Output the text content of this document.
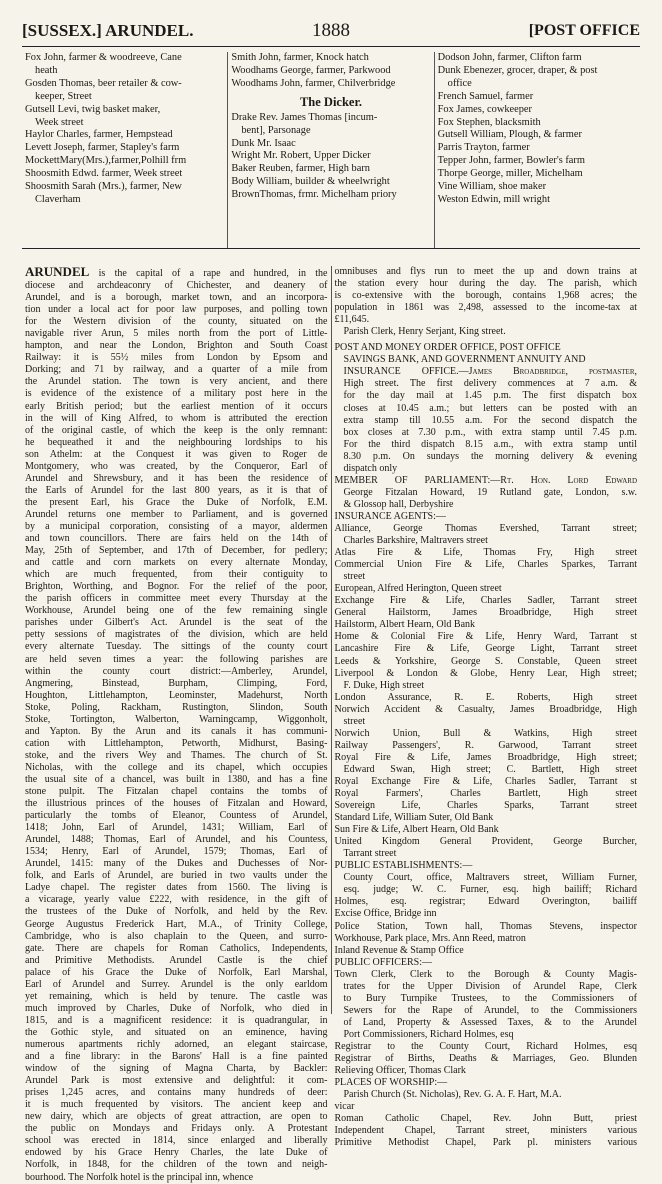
[SUSSEX.] ARUNDEL.	1888	[POST OFFICE
Fox John, farmer & woodreeve, Cane
heath
Gosden Thomas, beer retailer & cow-
keeper, Street
Gutsell Levi, twig basket maker,
Week street
Haylor Charles, farmer, Hempstead
Levett Joseph, farmer, Stapley's farm
MockettMary(Mrs.),farmer,Polhill frm
Shoosmith Edwd. farmer, Week street
Shoosmith Sarah (Mrs.), farmer, New
Claverham
Smith John, farmer, Knock hatch
Woodhams George, farmer, Parkwood
Woodhams John, farmer, Chilverbridge
The Dicker.
Drake Rev. James Thomas [incum-
bent], Parsonage
Dunk Mr. Isaac
Wright Mr. Robert, Upper Dicker
Baker Reuben, farmer, High barn
Body William, builder & wheelwright
BrownThomas, frmr. Michelham priory
Dodson John, farmer, Clifton farm
Dunk Ebenezer, grocer, draper, & post
office
French Samuel, farmer
Fox James, cowkeeper
Fox Stephen, blacksmith
Gutsell William, Plough, & farmer
Parris Trayton, farmer
Tepper John, farmer, Bowler's farm
Thorpe George, miller, Michelham
Vine William, shoe maker
Weston Edwin, mill wright
ARUNDEL is the capital of a rape and hundred, in the
diocese and archdeaconry of Chichester, and deanery of
Arundel, and is a borough, market town, and an incorpora-
tion under a local act for poor law purposes, and polling town
for the Western division of the county, situated on the
navigable river Arun, 5 miles north from the port of Little-
hampton, and near the London, Brighton and South Coast
Railway: it is 55½ miles from London by Epsom and
Dorking; and 71 by railway, and a quarter of a mile from
the Arundel station. The town is very ancient, and there
is evidence of the existence of a military post here in the
early British period; but the earliest mention of it occurs
in the will of King Alfred, to whom is attributed the erection
of the original castle, of which the keep is the only remnant:
he bequeathed it and the neighbouring lordships to his
son Athelm: at the Conquest it was given to Roger de
Montgomery, who was created, by the Conqueror, Earl of
Arundel and Shrewsbury, and it has been the residence of
the Earls of Arundel for the last 800 years, as it is that of
the present Earl, his Grace the Duke of Norfolk, E.M.
Arundel returns one member to Parliament, and is governed
by a municipal corporation, consisting of a mayor, aldermen
and town councillors. There are fairs held on the 14th of
May, 25th of September, and 17th of December, for pedlery;
and cattle and corn markets on every alternate Monday,
which are much frequented, from their contiguity to
Brighton, Worthing, and Bognor. For the relief of the poor,
the parish officers in committee meet every Thursday at the
Workhouse, Arundel being one of the few remaining single
parishes under Gilbert's Act. Arundel is the seat of the
petty sessions of magistrates of the division, which are held
every alternate Tuesday. The sittings of the county court
are held seven times a year: the following parishes are
within the county court district:—Amberley, Arundel,
Angmering, Binstead, Burpham, Climping, Ford,
Houghton, Littlehampton, Leominster, Madehurst, North
Stoke, Poling, Rackham, Rustington, Slindon, South
Stoke, Tortington, Walberton, Warningcamp, Wiggonholt,
and Yapton. By the Arun and its canals it has communi-
cation with Littlehampton, Petworth, Midhurst, Basing-
stoke, and the rivers Wey and Thames. The church of St.
Nicholas, with the college and its chapel, which occupies
the usual site of a chancel, was built in 1380, and has a fine
stone pulpit. The Fitzalan chapel contains the tombs of
the illustrious princes of the houses of Fitzalan and Howard,
particularly the tombs of Eleanor, Countess of Arundel,
1418; John, Earl of Arundel, 1431; William, Earl of
Arundel, 1488; Thomas, Earl of Arundel, and his Countess,
1534; Henry, Earl of Arundel, 1579; Thomas, Earl of
Arundel, 1415: many of the Dukes and Duchesses of Nor-
folk, and Earls of Arundel, are buried in two vaults under the
Ladye chapel. The register dates from 1560. The living is
a vicarage, yearly value £222, with residence, in the gift of
the trustees of the Duke of Norfolk, and held by the Rev.
George Augustus Frederick Hart, M.A., of Trinity College,
Cambridge, who is also chaplain to the Queen, and surro-
gate. There are chapels for Roman Catholics, Independents,
and Primitive Methodists. Arundel Castle is the chief
palace of his Grace the Duke of Norfolk, Earl Marshal,
Earl of Arundel and Surrey. Arundel is the only earldom
yet remaining, which is held by tenure. The castle was
much improved by Charles, Duke of Norfolk, who died in
1815, and is a magnificent residence: it is quadrangular, in
the Gothic style, and situated on an eminence, having
numerous apartments richly adorned, an elegant staircase,
and a fine library: in the Barons' Hall is a fine painted
window of the signing of Magna Charta, by Backler:
Arundel Park is most extensive and delightful: it com-
prises 1,245 acres, and contains many hundreds of deer:
it is much frequented by visitors. The ancient keep and
new dairy, which are objects of great attraction, are open to
the public on Mondays and Fridays only. A Protestant
school was erected in 1814, since enlarged and liberally
endowed by his Grace Henry Charles, the late Duke of
Norfolk, in 1848, for the children of the town and neigh-
bourhood. The Norfolk hotel is the principal inn, whence
omnibuses and flys run to meet the up and down trains at
the station every hour during the day. The parish, which
is co-extensive with the borough, contains 1,968 acres; the
population in 1861 was 2,498, assessed to the income-tax at
£11,645.
Parish Clerk, Henry Serjant, King street.

POST AND MONEY ORDER OFFICE, POST OFFICE
SAVINGS BANK, AND GOVERNMENT ANNUITY AND
INSURANCE OFFICE.—James Broadbridge, postmaster,
High street. The first delivery commences at 7 a.m. &
for the day mail at 1.45 p.m. The first dispatch box
closes at 10.45 a.m.; but letters can be posted with an
extra stamp till 10.55 a.m. For the second dispatch the
box closes at 7.30 p.m., with extra stamp until 7.45 p.m.
For the third dispatch 8.15 a.m., with extra stamp until
8.30 p.m. On sundays the morning delivery & evening
dispatch only
MEMBER OF PARLIAMENT:—Rt. Hon. Lord Edward
George Fitzalan Howard, 19 Rutland gate, London, s.w.
& Glossop hall, Derbyshire
INSURANCE AGENTS:—
Alliance, George Thomas Evershed, Tarrant street;
Charles Barkshire, Maltravers street
Atlas Fire & Life, Thomas Fry, High street
Commercial Union Fire & Life, Charles Sparkes, Tarrant
street
European, Alfred Herington, Queen street
Exchange Fire & Life, Charles Sadler, Tarrant street
General Hailstorm, James Broadbridge, High street
Hailstorm, Albert Hearn, Old Bank
Home & Colonial Fire & Life, Henry Ward, Tarrant st
Lancashire Fire & Life, George Light, Tarrant street
Leeds & Yorkshire, George S. Constable, Queen street
Liverpool & London & Globe, Henry Lear, High street;
F. Duke, High street
London Assurance, R. E. Roberts, High street
Norwich Accident & Casualty, James Broadbridge, High
street
Norwich Union, Bull & Watkins, High street
Railway Passengers', R. Garwood, Tarrant street
Royal Fire & Life, James Broadbridge, High street;
Edward Swan, High street; C. Bartlett, High street
Royal Exchange Fire & Life, Charles Sadler, Tarrant st
Royal Farmers', Charles Bartlett, High street
Sovereign Life, Charles Sparks, Tarrant street
Standard Life, William Suter, Old Bank
Sun Fire & Life, Albert Hearn, Old Bank
United Kingdom General Provident, George Burcher,
Tarrant street
PUBLIC ESTABLISHMENTS:—
County Court, office, Maltravers street, William Furner,
esq. judge; W. C. Furner, esq. high bailiff; Richard
Holmes, esq. registrar; Edward Overington, bailiff
Excise Office, Bridge inn
Police Station, Town hall, Thomas Stevens, inspector
Workhouse, Park place, Mrs. Ann Reed, matron
Inland Revenue & Stamp Office
PUBLIC OFFICERS:—
Town Clerk, Clerk to the Borough & County Magis-
trates for the Upper Division of Arundel Rape, Clerk
to Bury Turnpike Trustees, to the Commissioners of
Sewers for the Rape of Arundel, to the Commissioners
of Land, Property & Assessed Taxes, & to the Arundel
Port Commissioners, Richard Holmes, esq
Registrar to the County Court, Richard Holmes, esq
Registrar of Births, Deaths & Marriages, Geo. Blunden
Relieving Officer, Thomas Clark
PLACES OF WORSHIP:—
Parish Church (St. Nicholas), Rev. G. A. F. Hart, M.A.
vicar
Roman Catholic Chapel, Rev. John Butt, priest
Independent Chapel, Tarrant street, ministers various
Primitive Methodist Chapel, Park pl. ministers various
